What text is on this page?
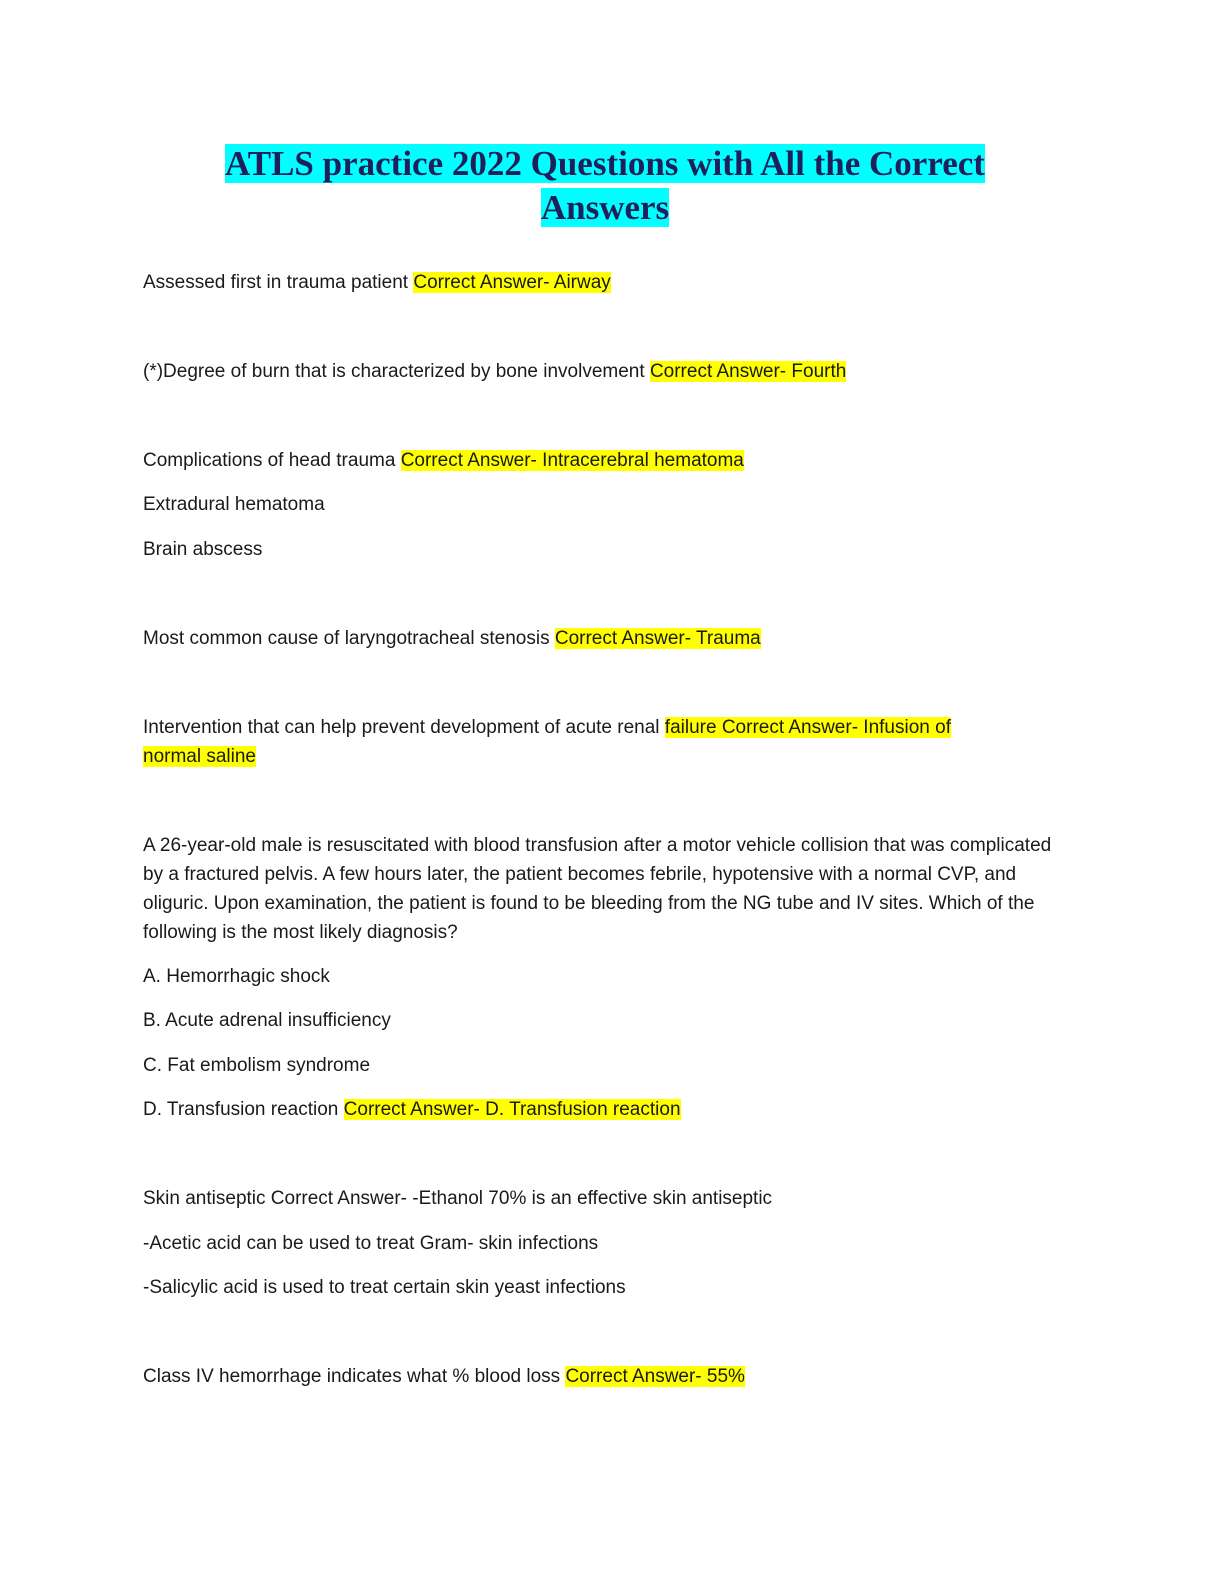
ATLS practice 2022 Questions with All the Correct
Answers

Assessed first in trauma patient Correct Answer- Airway

(*)Degree of burn that is characterized by bone involvement Correct Answer- Fourth

Complications of head trauma Correct Answer- Intracerebral hematoma

Extradural hematoma

Brain abscess

Most common cause of laryngotracheal stenosis Correct Answer- Trauma

Intervention that can help prevent development of acute renal failure Correct Answer- Infusion of

normal saline

A 26-year-old male is resuscitated with blood transfusion after a motor vehicle collision that was complicated by a fractured pelvis. A few hours later, the patient becomes febrile, hypotensive with a normal CVP, and oliguric. Upon examination, the patient is found to be bleeding from the NG tube and IV sites. Which of the following is the most likely diagnosis?

A. Hemorrhagic shock

B. Acute adrenal insufficiency

C. Fat embolism syndrome

D. Transfusion reaction Correct Answer- D. Transfusion reaction

Skin antiseptic Correct Answer- -Ethanol 70% is an effective skin antiseptic

-Acetic acid can be used to treat Gram- skin infections

-Salicylic acid is used to treat certain skin yeast infections

Class IV hemorrhage indicates what % blood loss Correct Answer- 55%
